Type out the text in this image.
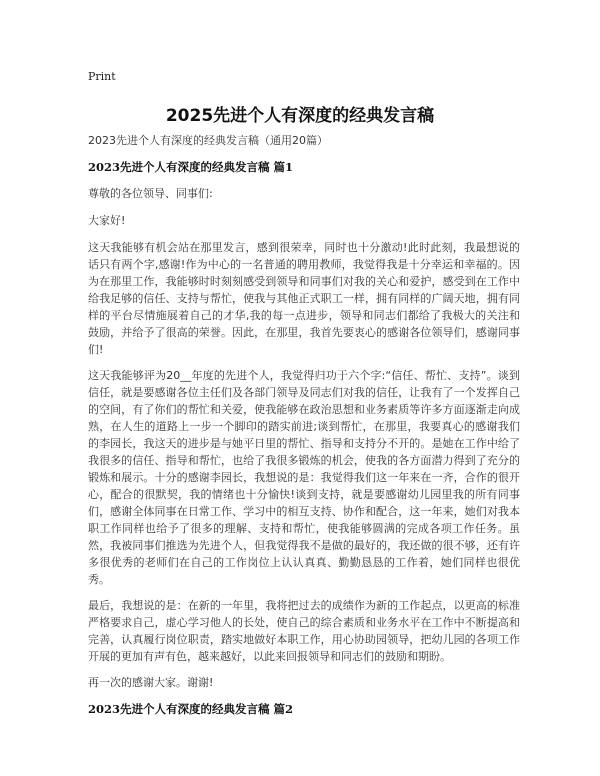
Print
2025先进个人有深度的经典发言稿

2023先进个人有深度的经典发言稿（通用20篇）

2023先进个人有深度的经典发言稿 篇1

尊敬的各位领导、同事们:

大家好!

这天我能够有机会站在那里发言，感到很荣幸，同时也十分激动!此时此刻，我最想说的话只有两个字,感谢!作为中心的一名普通的聘用教师，我觉得我是十分幸运和幸福的。因为在那里工作，我能够时时刻刻感受到领导和同事们对我的关心和爱护，感受到在工作中给我足够的信任、支持与帮忙，使我与其他正式职工一样，拥有同样的广阔天地，拥有同样的平台尽情施展着自己的才华,我的每一点进步，领导和同志们都给了我极大的关注和鼓励，并给予了很高的荣誉。因此，在那里，我首先要衷心的感谢各位领导们，感谢同事们!

这天我能够评为20__年度的先进个人，我觉得归功于六个字:“信任、帮忙、支持”。谈到信任，就是要感谢各位主任们及各部门领导及同志们对我的信任，让我有了一个发挥自己的空间，有了你们的帮忙和关爱，使我能够在政治思想和业务素质等许多方面逐渐走向成熟，在人生的道路上一步一个脚印的踏实前进;谈到帮忙，在那里，我要真心的感谢我们的李园长，我这天的进步是与她平日里的帮忙、指导和支持分不开的。是她在工作中给了我很多的信任、指导和帮忙，也给了我很多锻炼的机会，使我的各方面潜力得到了充分的锻炼和展示。十分的感谢李园长，我想说的是：我觉得我们这一年来在一齐，合作的很开心，配合的很默契，我的情绪也十分愉快!谈到支持，就是要感谢幼儿园里我的所有同事们，感谢全体同事在日常工作、学习中的相互支持、协作和配合，这一年来，她们对我本职工作同样也给予了很多的理解、支持和帮忙，使我能够圆满的完成各项工作任务。虽然，我被同事们推选为先进个人，但我觉得我不是做的最好的，我还做的很不够，还有许多很优秀的老师们在自己的工作岗位上认认真真、勤勤恳恳的工作着，她们同样也很优秀。

最后，我想说的是：在新的一年里，我将把过去的成绩作为新的工作起点，以更高的标准严格要求自己，虚心学习他人的长处，使自己的综合素质和业务水平在工作中不断提高和完善，认真履行岗位职责，踏实地做好本职工作，用心协助园领导，把幼儿园的各项工作开展的更加有声有色，越来越好，以此来回报领导和同志们的鼓励和期盼。

再一次的感谢大家。谢谢!

2023先进个人有深度的经典发言稿 篇2
